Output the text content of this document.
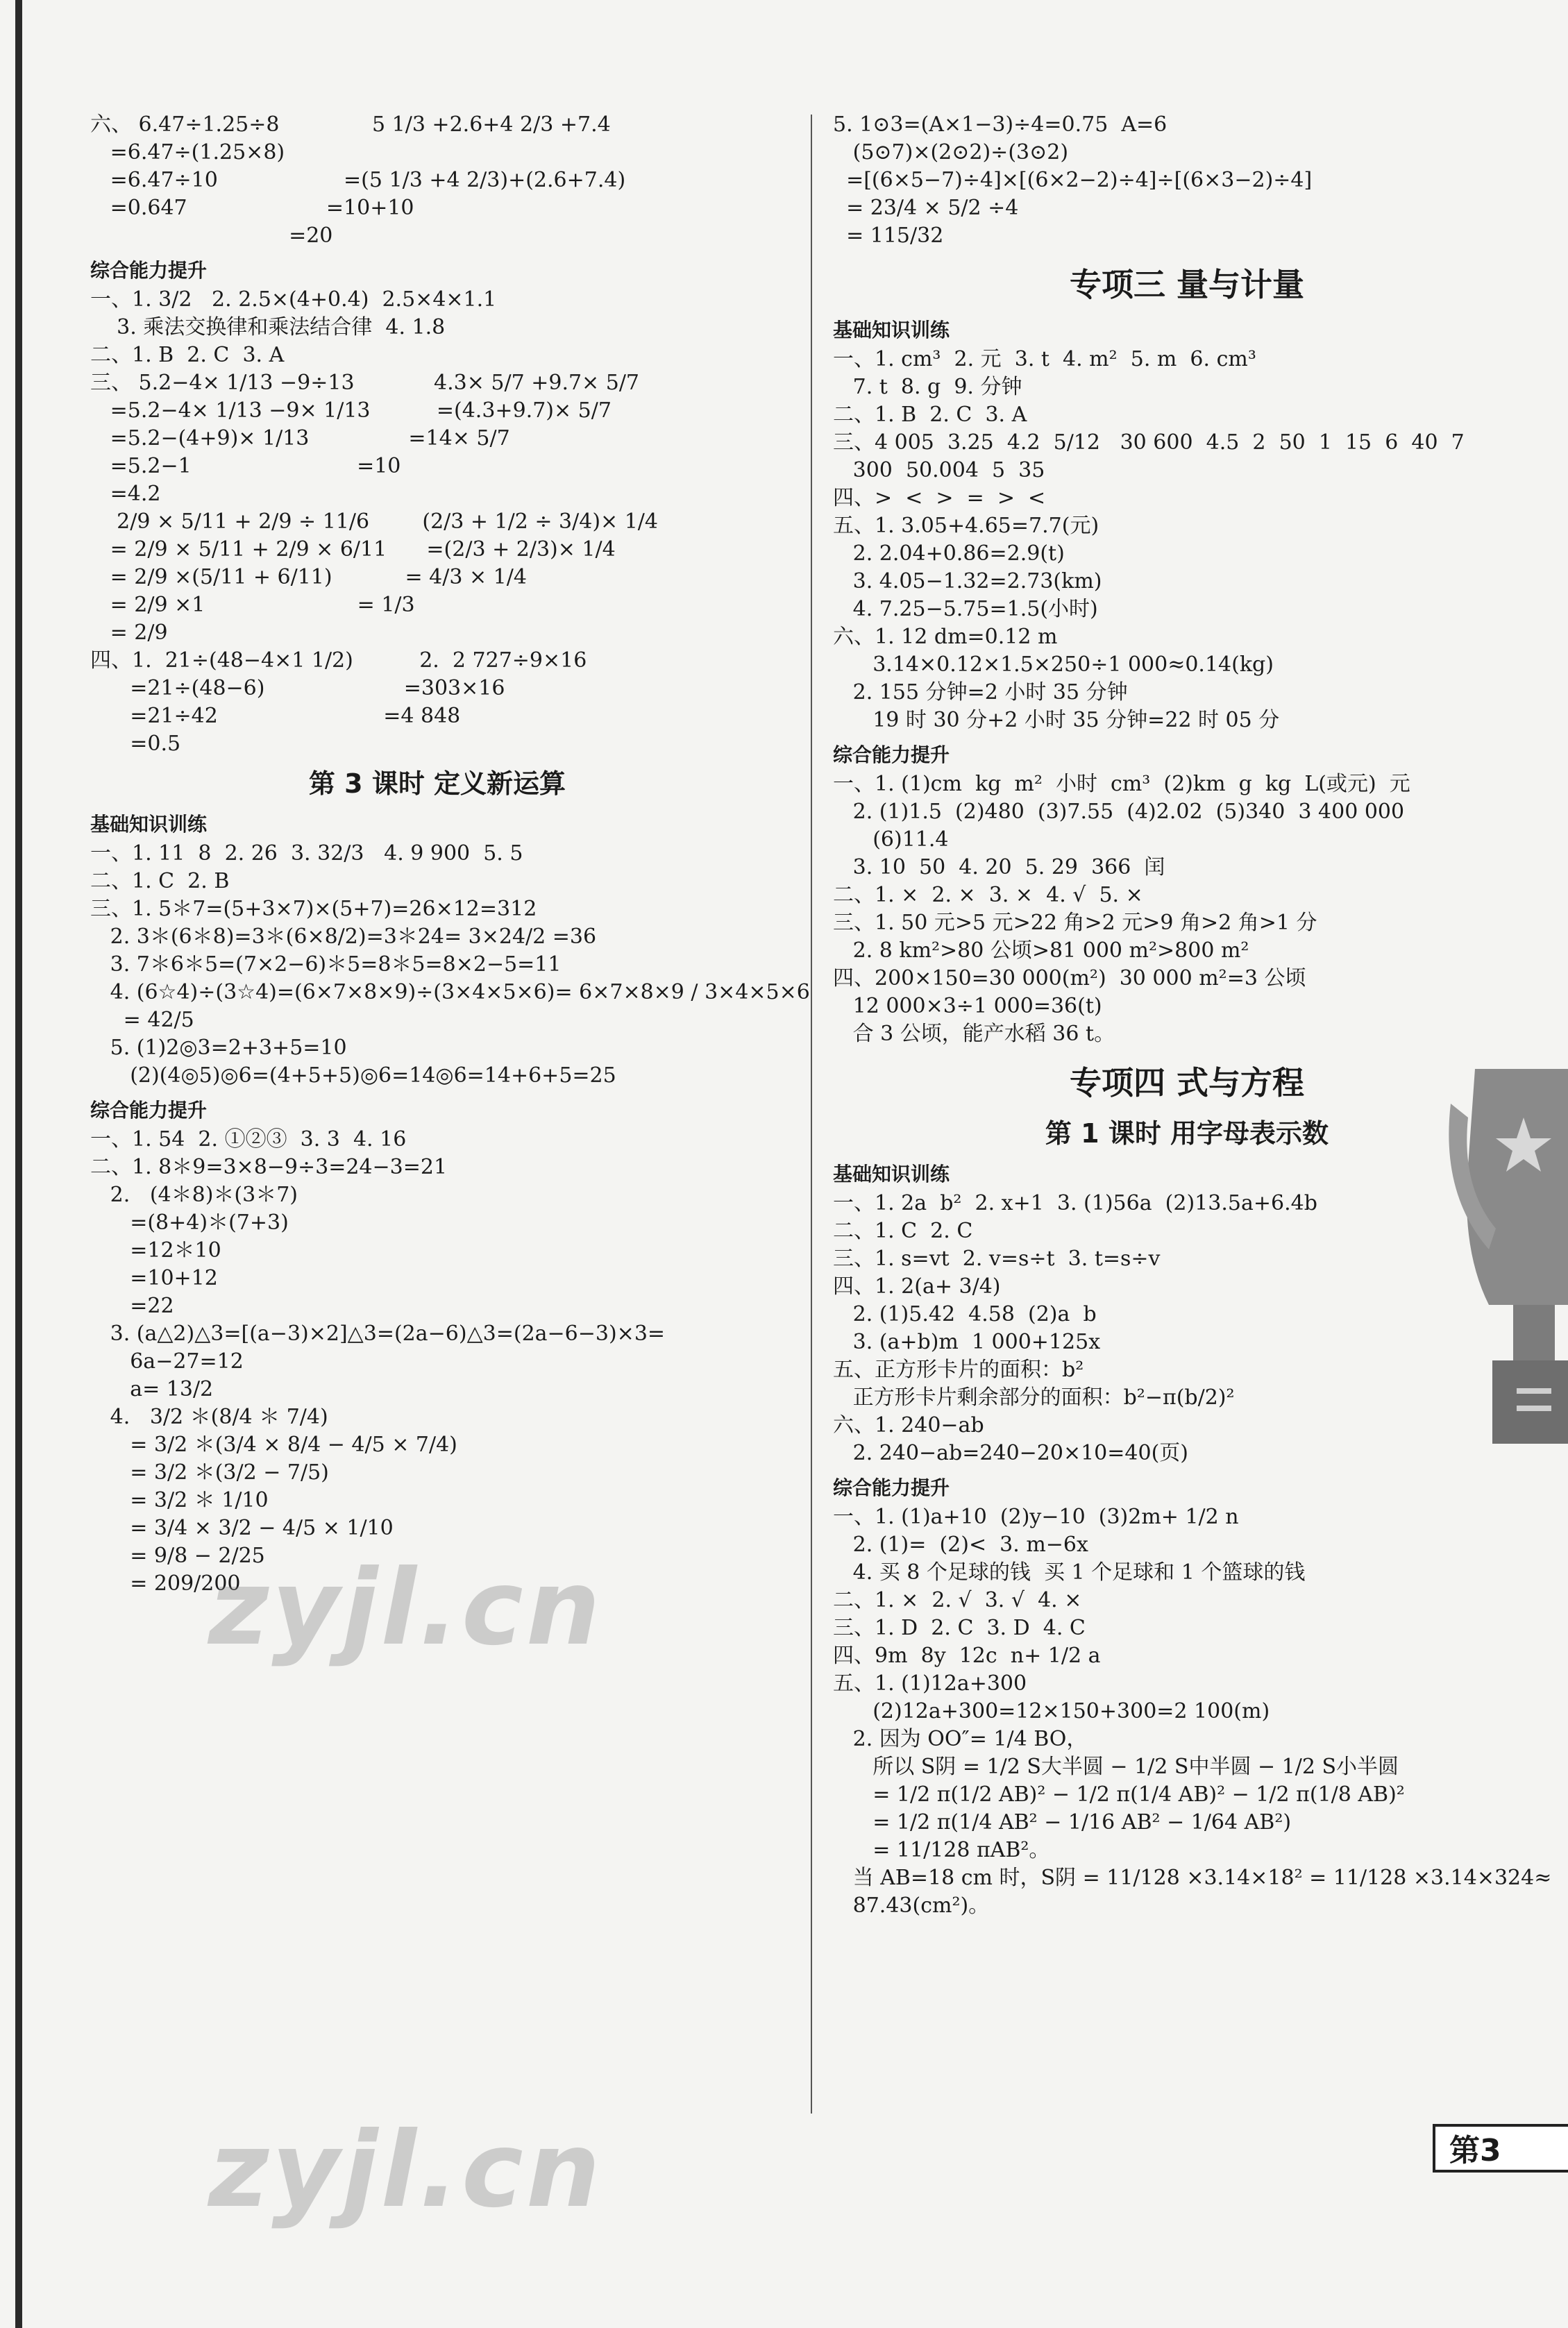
六、 6.47÷1.25÷8              5 1/3 +2.6+4 2/3 +7.4
=6.47÷(1.25×8)
=6.47÷10                   =(5 1/3 +4 2/3)+(2.6+7.4)
=0.647                     =10+10
=20
综合能力提升
一、1. 3/2   2. 2.5×(4+0.4)  2.5×4×1.1
3. 乘法交换律和乘法结合律  4. 1.8
二、1. B  2. C  3. A
三、 5.2−4× 1/13 −9÷13            4.3× 5/7 +9.7× 5/7
=5.2−4× 1/13 −9× 1/13          =(4.3+9.7)× 5/7
=5.2−(4+9)× 1/13               =14× 5/7
=5.2−1                         =10
=4.2
2/9 × 5/11 + 2/9 ÷ 11/6        (2/3 + 1/2 ÷ 3/4)× 1/4
= 2/9 × 5/11 + 2/9 × 6/11      =(2/3 + 2/3)× 1/4
= 2/9 ×(5/11 + 6/11)           = 4/3 × 1/4
= 2/9 ×1                       = 1/3
= 2/9
四、1.  21÷(48−4×1 1/2)          2.  2 727÷9×16
=21÷(48−6)                     =303×16
=21÷42                         =4 848
=0.5
第 3 课时 定义新运算
基础知识训练
一、1. 11  8  2. 26  3. 32/3   4. 9 900  5. 5
二、1. C  2. B
三、1. 5＊7=(5+3×7)×(5+7)=26×12=312
2. 3＊(6＊8)=3＊(6×8/2)=3＊24= 3×24/2 =36
3. 7＊6＊5=(7×2−6)＊5=8＊5=8×2−5=11
4. (6☆4)÷(3☆4)=(6×7×8×9)÷(3×4×5×6)= 6×7×8×9 / 3×4×5×6
= 42/5
5. (1)2◎3=2+3+5=10
(2)(4◎5)◎6=(4+5+5)◎6=14◎6=14+6+5=25
综合能力提升
一、1. 54  2. ①②③  3. 3  4. 16
二、1. 8＊9=3×8−9÷3=24−3=21
2.   (4＊8)＊(3＊7)
=(8+4)＊(7+3)
=12＊10
=10+12
=22
3. (a△2)△3=[(a−3)×2]△3=(2a−6)△3=(2a−6−3)×3=
6a−27=12
a= 13/2
4.   3/2 ＊(8/4 ＊ 7/4)
= 3/2 ＊(3/4 × 8/4 − 4/5 × 7/4)
= 3/2 ＊(3/2 − 7/5)
= 3/2 ＊ 1/10
= 3/4 × 3/2 − 4/5 × 1/10
= 9/8 − 2/25
= 209/200
5. 1⊙3=(A×1−3)÷4=0.75  A=6
(5⊙7)×(2⊙2)÷(3⊙2)
=[(6×5−7)÷4]×[(6×2−2)÷4]÷[(6×3−2)÷4]
= 23/4 × 5/2 ÷4
= 115/32
专项三 量与计量
基础知识训练
一、1. cm³  2. 元  3. t  4. m²  5. m  6. cm³
7. t  8. g  9. 分钟
二、1. B  2. C  3. A
三、4 005  3.25  4.2  5/12   30 600  4.5  2  50  1  15  6  40  7
300  50.004  5  35
四、>  <  >  =  >  <
五、1. 3.05+4.65=7.7(元)
2. 2.04+0.86=2.9(t)
3. 4.05−1.32=2.73(km)
4. 7.25−5.75=1.5(小时)
六、1. 12 dm=0.12 m
3.14×0.12×1.5×250÷1 000≈0.14(kg)
2. 155 分钟=2 小时 35 分钟
19 时 30 分+2 小时 35 分钟=22 时 05 分
综合能力提升
一、1. (1)cm  kg  m²  小时  cm³  (2)km  g  kg  L(或元)  元
2. (1)1.5  (2)480  (3)7.55  (4)2.02  (5)340  3 400 000
(6)11.4
3. 10  50  4. 20  5. 29  366  闰
二、1. ×  2. ×  3. ×  4. √  5. ×
三、1. 50 元>5 元>22 角>2 元>9 角>2 角>1 分
2. 8 km²>80 公顷>81 000 m²>800 m²
四、200×150=30 000(m²)  30 000 m²=3 公顷
12 000×3÷1 000=36(t)
合 3 公顷，能产水稻 36 t。
专项四 式与方程
第 1 课时 用字母表示数
基础知识训练
一、1. 2a  b²  2. x+1  3. (1)56a  (2)13.5a+6.4b
二、1. C  2. C
三、1. s=vt  2. v=s÷t  3. t=s÷v
四、1. 2(a+ 3/4)
2. (1)5.42  4.58  (2)a  b
3. (a+b)m  1 000+125x
五、正方形卡片的面积：b²
正方形卡片剩余部分的面积：b²−π(b/2)²
六、1. 240−ab
2. 240−ab=240−20×10=40(页)
综合能力提升
一、1. (1)a+10  (2)y−10  (3)2m+ 1/2 n
2. (1)=  (2)<  3. m−6x
4. 买 8 个足球的钱  买 1 个足球和 1 个篮球的钱
二、1. ×  2. √  3. √  4. ×
三、1. D  2. C  3. D  4. C
四、9m  8y  12c  n+ 1/2 a
五、1. (1)12a+300
(2)12a+300=12×150+300=2 100(m)
2. 因为 OO″= 1/4 BO，
所以 S阴 = 1/2 S大半圆 − 1/2 S中半圆 − 1/2 S小半圆
= 1/2 π(1/2 AB)² − 1/2 π(1/4 AB)² − 1/2 π(1/8 AB)²
= 1/2 π(1/4 AB² − 1/16 AB² − 1/64 AB²)
= 11/128 πAB²。
当 AB=18 cm 时，S阴 = 11/128 ×3.14×18² = 11/128 ×3.14×324≈
87.43(cm²)。
zyjl.cn
zyjl.cn	第3
